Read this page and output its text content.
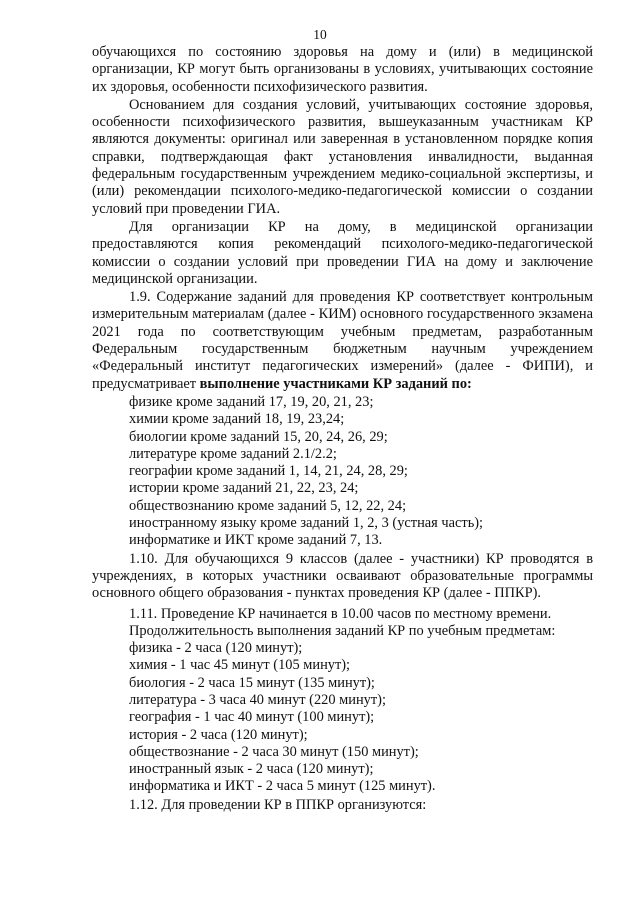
10

обучающихся по состоянию здоровья на дому и (или) в медицинской организации, КР могут быть организованы в условиях, учитывающих состояние их здоровья, особенности психофизического развития.

Основанием для создания условий, учитывающих состояние здоровья, особенности психофизического развития, вышеуказанным участникам КР являются документы: оригинал или заверенная в установленном порядке копия справки, подтверждающая факт установления инвалидности, выданная федеральным государственным учреждением медико-социальной экспертизы, и (или) рекомендации психолого-медико-педагогической комиссии о создании условий при проведении ГИА.

Для организации КР на дому, в медицинской организации предоставляются копия рекомендаций психолого-медико-педагогической комиссии о создании условий при проведении ГИА на дому и заключение медицинской организации.

1.9. Содержание заданий для проведения КР соответствует контрольным измерительным материалам (далее - КИМ) основного государственного экзамена 2021 года по соответствующим учебным предметам, разработанным Федеральным государственным бюджетным научным учреждением «Федеральный институт педагогических измерений» (далее - ФИПИ), и предусматривает выполнение участниками КР заданий по:

физике кроме заданий 17, 19, 20, 21, 23;

химии кроме заданий 18, 19, 23,24;

биологии кроме заданий 15, 20, 24, 26, 29;

литературе кроме заданий 2.1/2.2;

географии кроме заданий 1, 14, 21, 24, 28, 29;

истории кроме заданий 21, 22, 23, 24;

обществознанию кроме заданий 5, 12, 22, 24;

иностранному языку кроме заданий 1, 2, 3 (устная часть);

информатике и ИКТ кроме заданий 7, 13.

1.10. Для обучающихся 9 классов (далее - участники) КР проводятся в учреждениях, в которых участники осваивают образовательные программы основного общего образования - пунктах проведения КР (далее - ППКР).

1.11. Проведение КР начинается в 10.00 часов по местному времени.

Продолжительность выполнения заданий КР по учебным предметам:

физика - 2 часа (120 минут);

химия - 1 час 45 минут (105 минут);

биология - 2 часа 15 минут (135 минут);

литература - 3 часа 40 минут (220 минут);

география - 1 час 40 минут (100 минут);

история - 2 часа (120 минут);

обществознание - 2 часа 30 минут (150 минут);

иностранный язык - 2 часа (120 минут);

информатика и ИКТ - 2 часа 5 минут (125 минут).

1.12. Для проведении КР в ППКР организуются:
